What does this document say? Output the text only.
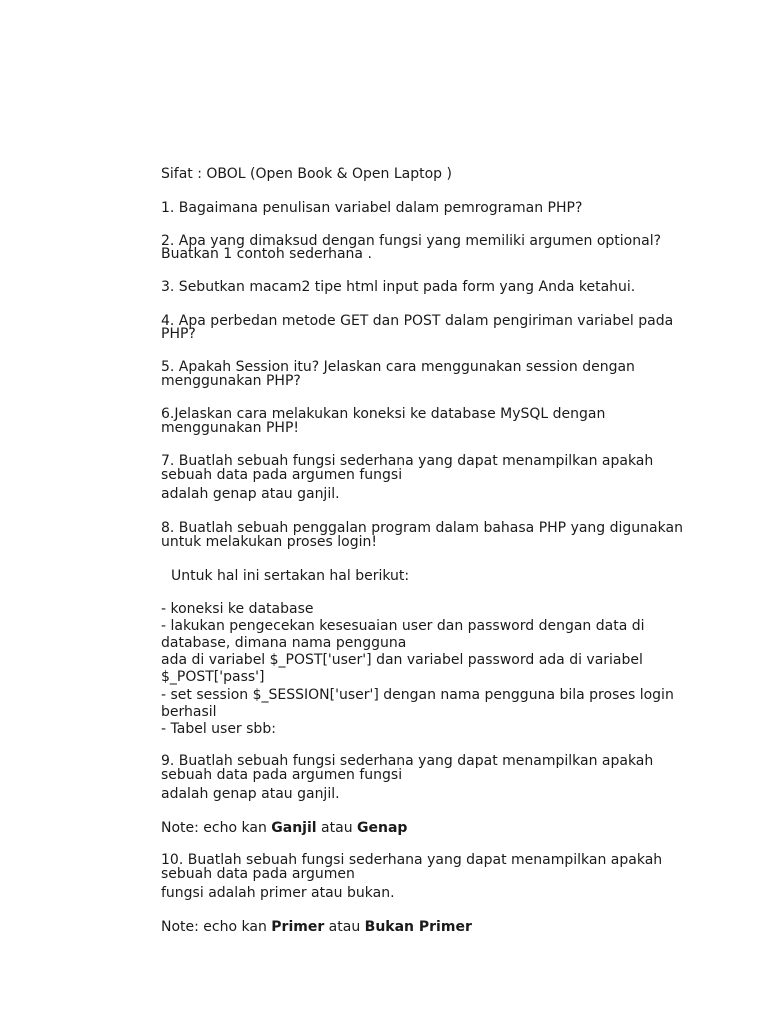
Sifat : OBOL (Open Book & Open Laptop )
1. Bagaimana penulisan variabel dalam pemrograman PHP?
2. Apa yang dimaksud dengan fungsi yang memiliki argumen optional?
Buatkan 1 contoh sederhana .
3. Sebutkan macam2 tipe html input pada form yang Anda ketahui.
4. Apa perbedan metode GET dan POST dalam pengiriman variabel pada
PHP?
5. Apakah Session itu? Jelaskan cara menggunakan session dengan
menggunakan PHP?
6.Jelaskan cara melakukan koneksi ke database MySQL dengan
menggunakan PHP!
7. Buatlah sebuah fungsi sederhana yang dapat menampilkan apakah
sebuah data pada argumen fungsi
adalah genap atau ganjil.
8. Buatlah sebuah penggalan program dalam bahasa PHP yang digunakan
untuk melakukan proses login!
Untuk hal ini sertakan hal berikut:
- koneksi ke database
- lakukan pengecekan kesesuaian user dan password dengan data di
database, dimana nama pengguna
ada di variabel $_POST['user'] dan variabel password ada di variabel
$_POST['pass']
- set session $_SESSION['user'] dengan nama pengguna bila proses login
berhasil
- Tabel user sbb:
9. Buatlah sebuah fungsi sederhana yang dapat menampilkan apakah
sebuah data pada argumen fungsi
adalah genap atau ganjil.
Note: echo kan Ganjil atau Genap
10. Buatlah sebuah fungsi sederhana yang dapat menampilkan apakah
sebuah data pada argumen
fungsi adalah primer atau bukan.
Note: echo kan Primer atau Bukan Primer
